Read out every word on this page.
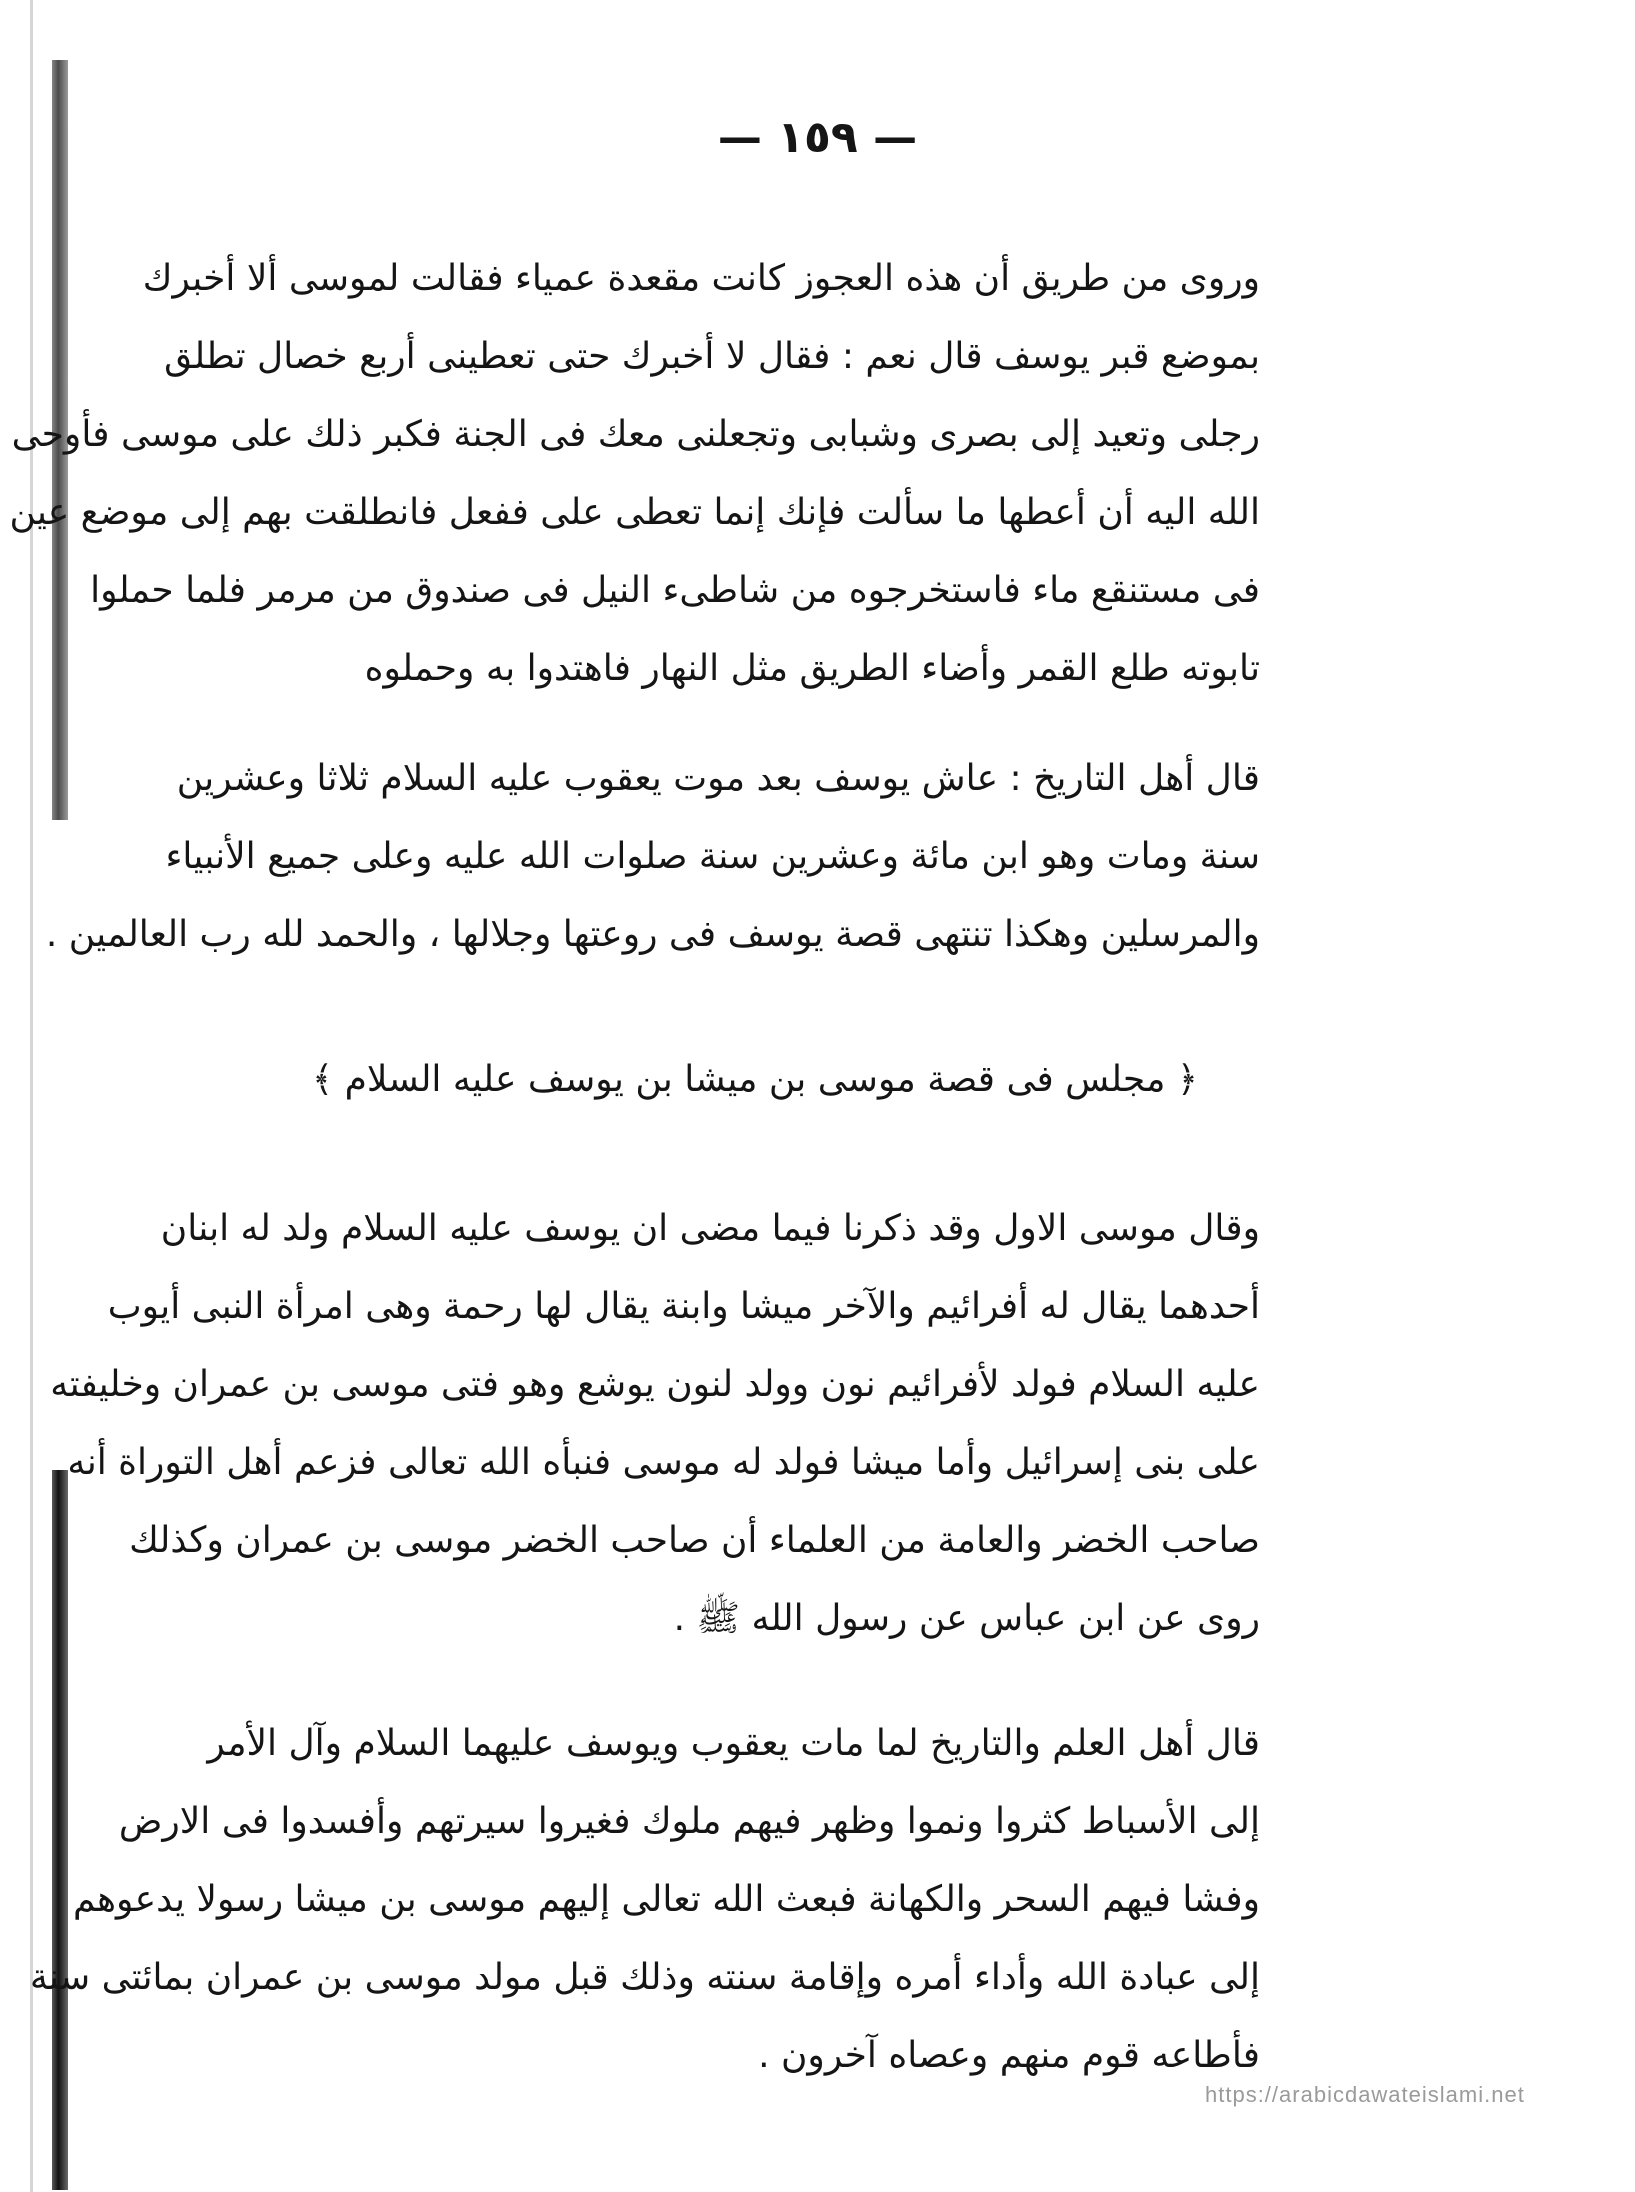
— ١٥٩ —
وروى من طريق أن هذه العجوز كانت مقعدة عمياء فقالت لموسى ألا أخبرك
بموضع قبر يوسف قال نعم : فقال لا أخبرك حتى تعطينى أربع خصال تطلق
رجلى وتعيد إلى بصرى وشبابى وتجعلنى معك فى الجنة فكبر ذلك على موسى فأوحى
الله اليه أن أعطها ما سألت فإنك إنما تعطى على ففعل فانطلقت بهم إلى موضع عين
فى مستنقع ماء فاستخرجوه من شاطىء النيل فى صندوق من مرمر فلما حملوا
تابوته طلع القمر وأضاء الطريق مثل النهار فاهتدوا به وحملوه
قال أهل التاريخ : عاش يوسف بعد موت يعقوب عليه السلام ثلاثا وعشرين
سنة ومات وهو ابن مائة وعشرين سنة صلوات الله عليه وعلى جميع الأنبياء
والمرسلين وهكذا تنتهى قصة يوسف فى روعتها وجلالها ، والحمد لله رب العالمين .
﴿ مجلس فى قصة موسى بن ميشا بن يوسف عليه السلام ﴾
وقال موسى الاول وقد ذكرنا فيما مضى ان يوسف عليه السلام ولد له ابنان
أحدهما يقال له أفرائيم والآخر ميشا وابنة يقال لها رحمة وهى امرأة النبى أيوب
عليه السلام فولد لأفرائيم نون وولد لنون يوشع وهو فتى موسى بن عمران وخليفته
على بنى إسرائيل وأما ميشا فولد له موسى فنبأه الله تعالى فزعم أهل التوراة أنه
صاحب الخضر والعامة من العلماء أن صاحب الخضر موسى بن عمران وكذلك
روى عن ابن عباس عن رسول الله ﷺ .
قال أهل العلم والتاريخ لما مات يعقوب ويوسف عليهما السلام وآل الأمر
إلى الأسباط كثروا ونموا وظهر فيهم ملوك فغيروا سيرتهم وأفسدوا فى الارض
وفشا فيهم السحر والكهانة فبعث الله تعالى إليهم موسى بن ميشا رسولا يدعوهم
إلى عبادة الله وأداء أمره وإقامة سنته وذلك قبل مولد موسى بن عمران بمائتى سنة
فأطاعه قوم منهم وعصاه آخرون .
https://arabicdawateislami.net
